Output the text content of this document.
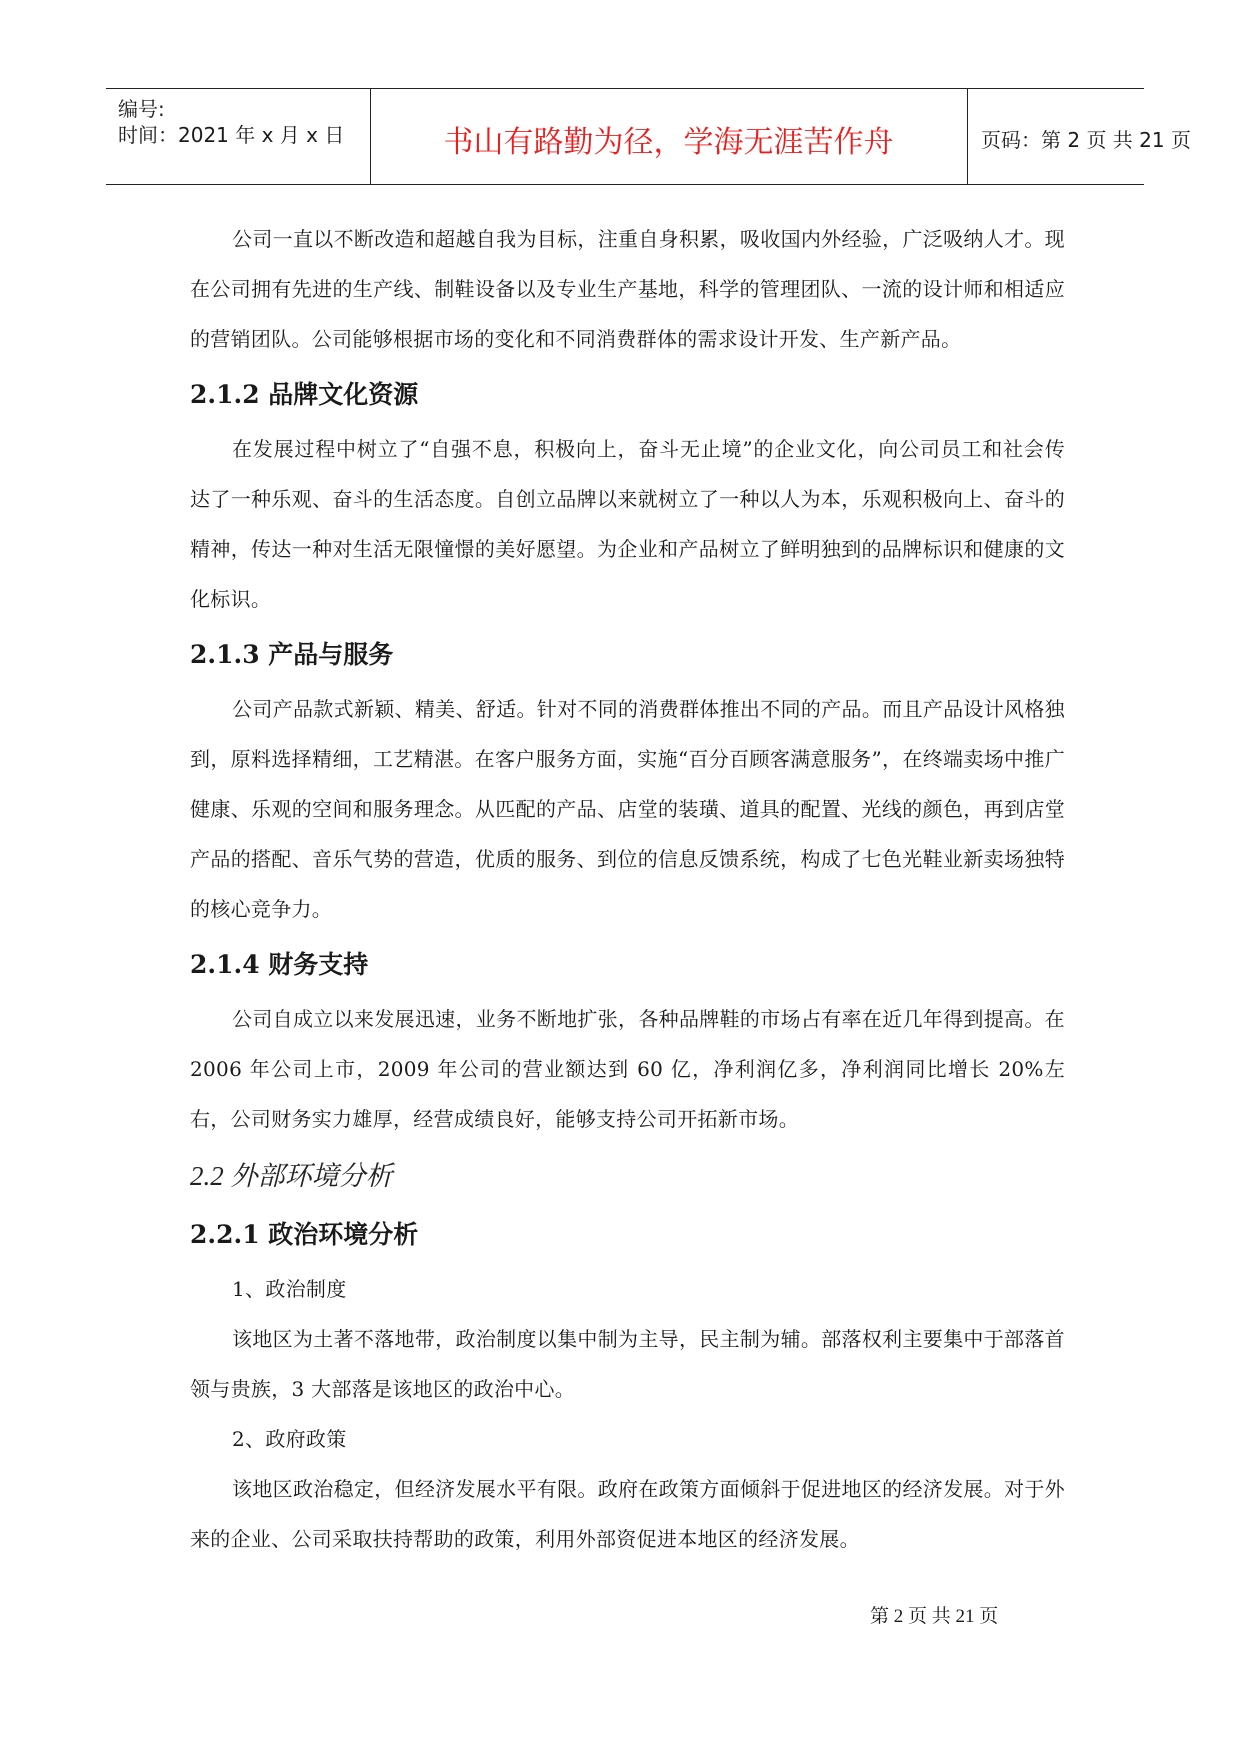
编号:
时间：2021 年 x 月 x 日	书山有路勤为径，学海无涯苦作舟	页码：第 2 页 共 21 页

公司一直以不断改造和超越自我为目标，注重自身积累，吸收国内外经验，广泛吸纳人才。现在公司拥有先进的生产线、制鞋设备以及专业生产基地，科学的管理团队、一流的设计师和相适应的营销团队。公司能够根据市场的变化和不同消费群体的需求设计开发、生产新产品。

2.1.2 品牌文化资源

在发展过程中树立了“自强不息，积极向上，奋斗无止境”的企业文化，向公司员工和社会传达了一种乐观、奋斗的生活态度。自创立品牌以来就树立了一种以人为本，乐观积极向上、奋斗的精神，传达一种对生活无限憧憬的美好愿望。为企业和产品树立了鲜明独到的品牌标识和健康的文化标识。

2.1.3 产品与服务

公司产品款式新颖、精美、舒适。针对不同的消费群体推出不同的产品。而且产品设计风格独到，原料选择精细，工艺精湛。在客户服务方面，实施“百分百顾客满意服务”，在终端卖场中推广健康、乐观的空间和服务理念。从匹配的产品、店堂的装璜、道具的配置、光线的颜色，再到店堂产品的搭配、音乐气势的营造，优质的服务、到位的信息反馈系统，构成了七色光鞋业新卖场独特的核心竞争力。

2.1.4 财务支持

公司自成立以来发展迅速，业务不断地扩张，各种品牌鞋的市场占有率在近几年得到提高。在 2006 年公司上市，2009 年公司的营业额达到 60 亿，净利润亿多，净利润同比增长 20%左右，公司财务实力雄厚，经营成绩良好，能够支持公司开拓新市场。

2.2 外部环境分析
2.2.1 政治环境分析

1、政治制度

该地区为土著不落地带，政治制度以集中制为主导，民主制为辅。部落权利主要集中于部落首领与贵族，3 大部落是该地区的政治中心。

2、政府政策

该地区政治稳定，但经济发展水平有限。政府在政策方面倾斜于促进地区的经济发展。对于外来的企业、公司采取扶持帮助的政策，利用外部资促进本地区的经济发展。

第 2 页 共 21 页
